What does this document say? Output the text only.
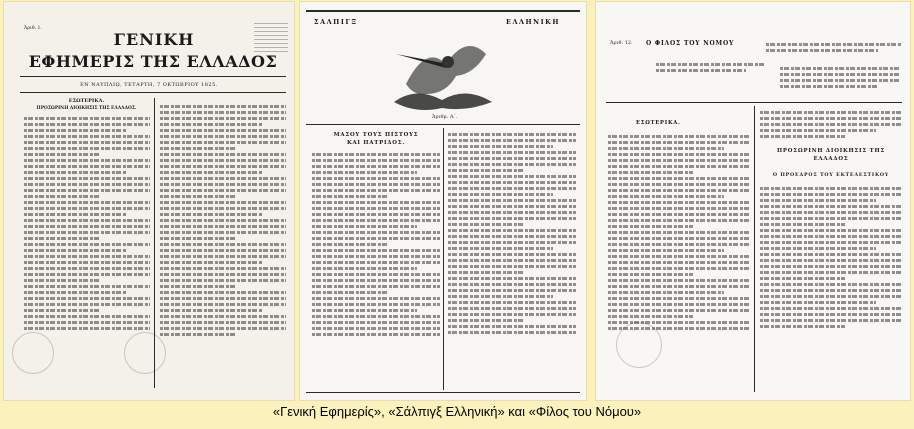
Ἀριθ. 1.
ΓΕΝΙΚΗ
ΕΦΗΜΕΡΙΣ ΤΗΣ ΕΛΛΑΔΟΣ
ΕΝ ΝΑΥΠΛΙῼ, ΤΕΤΑΡΤΗ, 7 ΟΚΤΩΒΡΙΟΥ 1825.
ΕΣΩΤΕΡΙΚΑ.
ΠΡΟΣΩΡΙΝΗ ΔΙΟΙΚΗΣΙΣ ΤΗΣ ΕΛΛΑΔΟΣ.
ΣΑΛΠΙΓΞ	ΕΛΛΗΝΙΚΗ
Ἀριθμ. Α΄.
ΜΑΣΟΥ ΤΟΥΣ ΠΙΣΤΟΥΣ
ΚΑΙ ΠΑΤΡΙΔΟΣ.
Ἀριθ. 12. Ο ΦΙΛΟΣ ΤΟΥ ΝΟΜΟΥ
ΕΣΩΤΕΡΙΚΑ.
ΠΡΟΣΩΡΙΝΗ ΔΙΟΙΚΗΣΙΣ ΤΗΣ
ΕΛΛΑΔΟΣ
Ο ΠΡΟΕΔΡΟΣ ΤΟΥ ΕΚΤΕΛΕΣΤΙΚΟΥ
«Γενική Εφημερίς», «Σάλπιγξ Ελληνική» και «Φίλος του Νόμου»
